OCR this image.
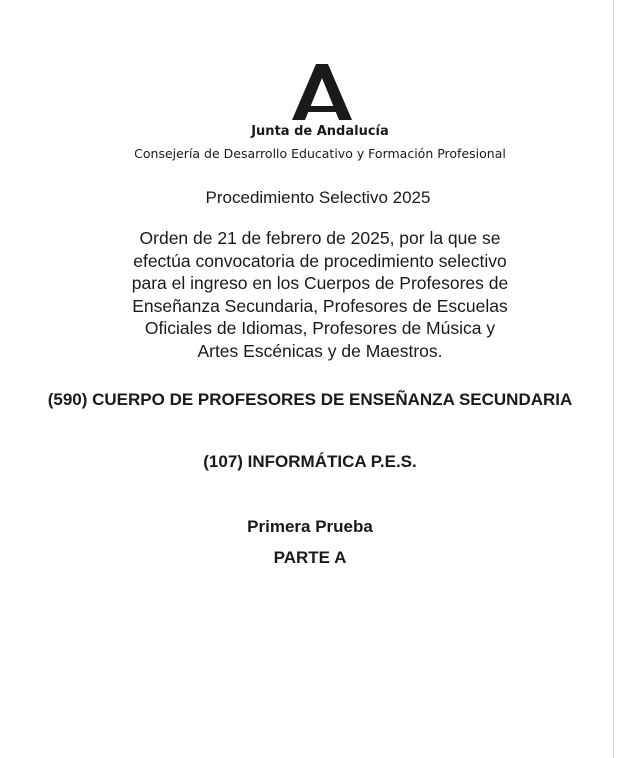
Junta de Andalucía
Consejería de Desarrollo Educativo y Formación Profesional
Procedimiento Selectivo 2025
Orden de 21 de febrero de 2025, por la que se
efectúa convocatoria de procedimiento selectivo
para el ingreso en los Cuerpos de Profesores de
Enseñanza Secundaria, Profesores de Escuelas
Oficiales de Idiomas, Profesores de Música y
Artes Escénicas y de Maestros.
(590) CUERPO DE PROFESORES DE ENSEÑANZA SECUNDARIA
(107) INFORMÁTICA P.E.S.
Primera Prueba
PARTE A
